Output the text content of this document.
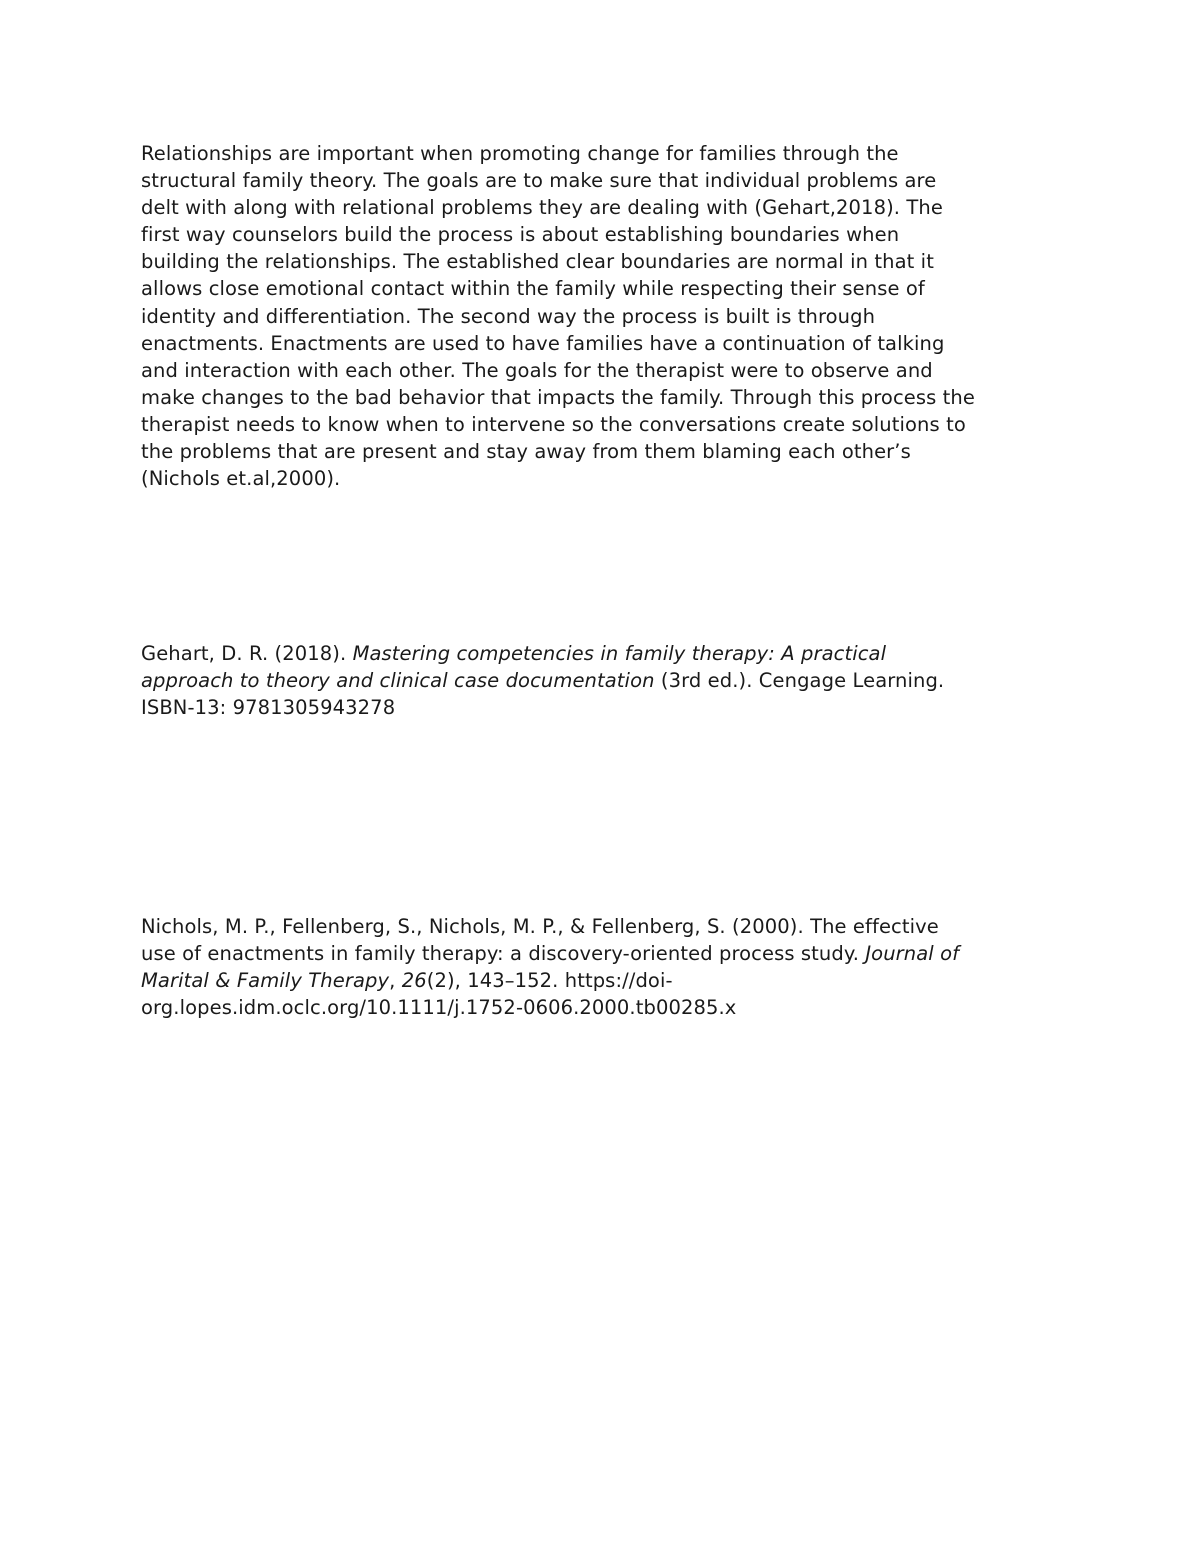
Relationships are important when promoting change for families through the
structural family theory. The goals are to make sure that individual problems are
delt with along with relational problems they are dealing with (Gehart,2018). The
first way counselors build the process is about establishing boundaries when
building the relationships. The established clear boundaries are normal in that it
allows close emotional contact within the family while respecting their sense of
identity and differentiation. The second way the process is built is through
enactments. Enactments are used to have families have a continuation of talking
and interaction with each other. The goals for the therapist were to observe and
make changes to the bad behavior that impacts the family. Through this process the
therapist needs to know when to intervene so the conversations create solutions to
the problems that are present and stay away from them blaming each other’s
(Nichols et.al,2000).

Gehart, D. R. (2018). Mastering competencies in family therapy: A practical
approach to theory and clinical case documentation (3rd ed.). Cengage Learning.
ISBN-13: 9781305943278

Nichols, M. P., Fellenberg, S., Nichols, M. P., & Fellenberg, S. (2000). The effective
use of enactments in family therapy: a discovery-oriented process study. Journal of
Marital & Family Therapy, 26(2), 143–152. https://doi-
org.lopes.idm.oclc.org/10.1111/j.1752-0606.2000.tb00285.x
